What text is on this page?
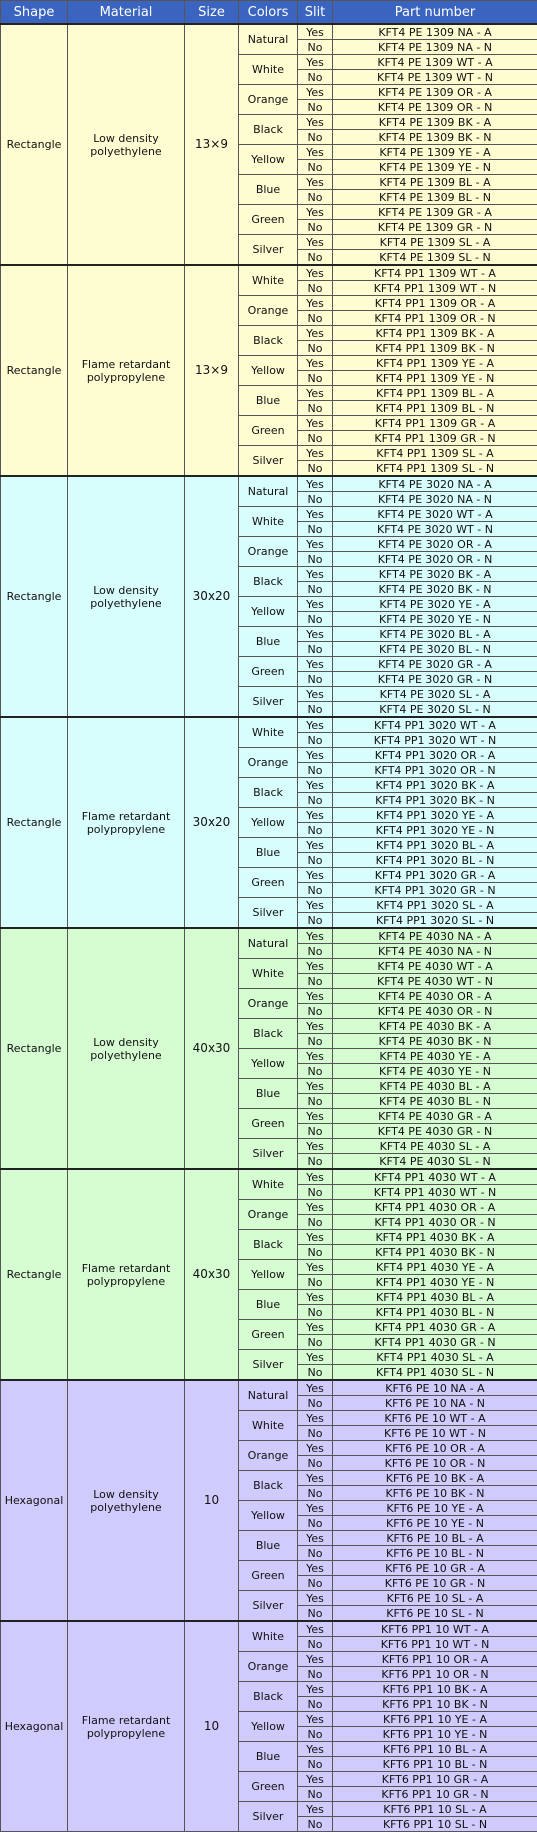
Shape	Material	Size	Colors	Slit	Part number
Rectangle	Low density polyethylene	13×9	Natural	Yes	KFT4 PE 1309 NA - A
				No	KFT4 PE 1309 NA - N
			White	Yes	KFT4 PE 1309 WT - A
				No	KFT4 PE 1309 WT - N
			Orange	Yes	KFT4 PE 1309 OR - A
				No	KFT4 PE 1309 OR - N
			Black	Yes	KFT4 PE 1309 BK - A
				No	KFT4 PE 1309 BK - N
			Yellow	Yes	KFT4 PE 1309 YE - A
				No	KFT4 PE 1309 YE - N
			Blue	Yes	KFT4 PE 1309 BL - A
				No	KFT4 PE 1309 BL - N
			Green	Yes	KFT4 PE 1309 GR - A
				No	KFT4 PE 1309 GR - N
			Silver	Yes	KFT4 PE 1309 SL - A
				No	KFT4 PE 1309 SL - N
Rectangle	Flame retardant polypropylene	13×9	White	Yes	KFT4 PP1 1309 WT - A
				No	KFT4 PP1 1309 WT - N
			Orange	Yes	KFT4 PP1 1309 OR - A
				No	KFT4 PP1 1309 OR - N
			Black	Yes	KFT4 PP1 1309 BK - A
				No	KFT4 PP1 1309 BK - N
			Yellow	Yes	KFT4 PP1 1309 YE - A
				No	KFT4 PP1 1309 YE - N
			Blue	Yes	KFT4 PP1 1309 BL - A
				No	KFT4 PP1 1309 BL - N
			Green	Yes	KFT4 PP1 1309 GR - A
				No	KFT4 PP1 1309 GR - N
			Silver	Yes	KFT4 PP1 1309 SL - A
				No	KFT4 PP1 1309 SL - N
Rectangle	Low density polyethylene	30x20	Natural	Yes	KFT4 PE 3020 NA - A
				No	KFT4 PE 3020 NA - N
			White	Yes	KFT4 PE 3020 WT - A
				No	KFT4 PE 3020 WT - N
			Orange	Yes	KFT4 PE 3020 OR - A
				No	KFT4 PE 3020 OR - N
			Black	Yes	KFT4 PE 3020 BK - A
				No	KFT4 PE 3020 BK - N
			Yellow	Yes	KFT4 PE 3020 YE - A
				No	KFT4 PE 3020 YE - N
			Blue	Yes	KFT4 PE 3020 BL - A
				No	KFT4 PE 3020 BL - N
			Green	Yes	KFT4 PE 3020 GR - A
				No	KFT4 PE 3020 GR - N
			Silver	Yes	KFT4 PE 3020 SL - A
				No	KFT4 PE 3020 SL - N
Rectangle	Flame retardant polypropylene	30x20	White	Yes	KFT4 PP1 3020 WT - A
				No	KFT4 PP1 3020 WT - N
			Orange	Yes	KFT4 PP1 3020 OR - A
				No	KFT4 PP1 3020 OR - N
			Black	Yes	KFT4 PP1 3020 BK - A
				No	KFT4 PP1 3020 BK - N
			Yellow	Yes	KFT4 PP1 3020 YE - A
				No	KFT4 PP1 3020 YE - N
			Blue	Yes	KFT4 PP1 3020 BL - A
				No	KFT4 PP1 3020 BL - N
			Green	Yes	KFT4 PP1 3020 GR - A
				No	KFT4 PP1 3020 GR - N
			Silver	Yes	KFT4 PP1 3020 SL - A
				No	KFT4 PP1 3020 SL - N
Rectangle	Low density polyethylene	40x30	Natural	Yes	KFT4 PE 4030 NA - A
				No	KFT4 PE 4030 NA - N
			White	Yes	KFT4 PE 4030 WT - A
				No	KFT4 PE 4030 WT - N
			Orange	Yes	KFT4 PE 4030 OR - A
				No	KFT4 PE 4030 OR - N
			Black	Yes	KFT4 PE 4030 BK - A
				No	KFT4 PE 4030 BK - N
			Yellow	Yes	KFT4 PE 4030 YE - A
				No	KFT4 PE 4030 YE - N
			Blue	Yes	KFT4 PE 4030 BL - A
				No	KFT4 PE 4030 BL - N
			Green	Yes	KFT4 PE 4030 GR - A
				No	KFT4 PE 4030 GR - N
			Silver	Yes	KFT4 PE 4030 SL - A
				No	KFT4 PE 4030 SL - N
Rectangle	Flame retardant polypropylene	40x30	White	Yes	KFT4 PP1 4030 WT - A
				No	KFT4 PP1 4030 WT - N
			Orange	Yes	KFT4 PP1 4030 OR - A
				No	KFT4 PP1 4030 OR - N
			Black	Yes	KFT4 PP1 4030 BK - A
				No	KFT4 PP1 4030 BK - N
			Yellow	Yes	KFT4 PP1 4030 YE - A
				No	KFT4 PP1 4030 YE - N
			Blue	Yes	KFT4 PP1 4030 BL - A
				No	KFT4 PP1 4030 BL - N
			Green	Yes	KFT4 PP1 4030 GR - A
				No	KFT4 PP1 4030 GR - N
			Silver	Yes	KFT4 PP1 4030 SL - A
				No	KFT4 PP1 4030 SL - N
Hexagonal	Low density polyethylene	10	Natural	Yes	KFT6 PE 10 NA - A
				No	KFT6 PE 10 NA - N
			White	Yes	KFT6 PE 10 WT - A
				No	KFT6 PE 10 WT - N
			Orange	Yes	KFT6 PE 10 OR - A
				No	KFT6 PE 10 OR - N
			Black	Yes	KFT6 PE 10 BK - A
				No	KFT6 PE 10 BK - N
			Yellow	Yes	KFT6 PE 10 YE - A
				No	KFT6 PE 10 YE - N
			Blue	Yes	KFT6 PE 10 BL - A
				No	KFT6 PE 10 BL - N
			Green	Yes	KFT6 PE 10 GR - A
				No	KFT6 PE 10 GR - N
			Silver	Yes	KFT6 PE 10 SL - A
				No	KFT6 PE 10 SL - N
Hexagonal	Flame retardant polypropylene	10	White	Yes	KFT6 PP1 10 WT - A
				No	KFT6 PP1 10 WT - N
			Orange	Yes	KFT6 PP1 10 OR - A
				No	KFT6 PP1 10 OR - N
			Black	Yes	KFT6 PP1 10 BK - A
				No	KFT6 PP1 10 BK - N
			Yellow	Yes	KFT6 PP1 10 YE - A
				No	KFT6 PP1 10 YE - N
			Blue	Yes	KFT6 PP1 10 BL - A
				No	KFT6 PP1 10 BL - N
			Green	Yes	KFT6 PP1 10 GR - A
				No	KFT6 PP1 10 GR - N
			Silver	Yes	KFT6 PP1 10 SL - A
				No	KFT6 PP1 10 SL - N
